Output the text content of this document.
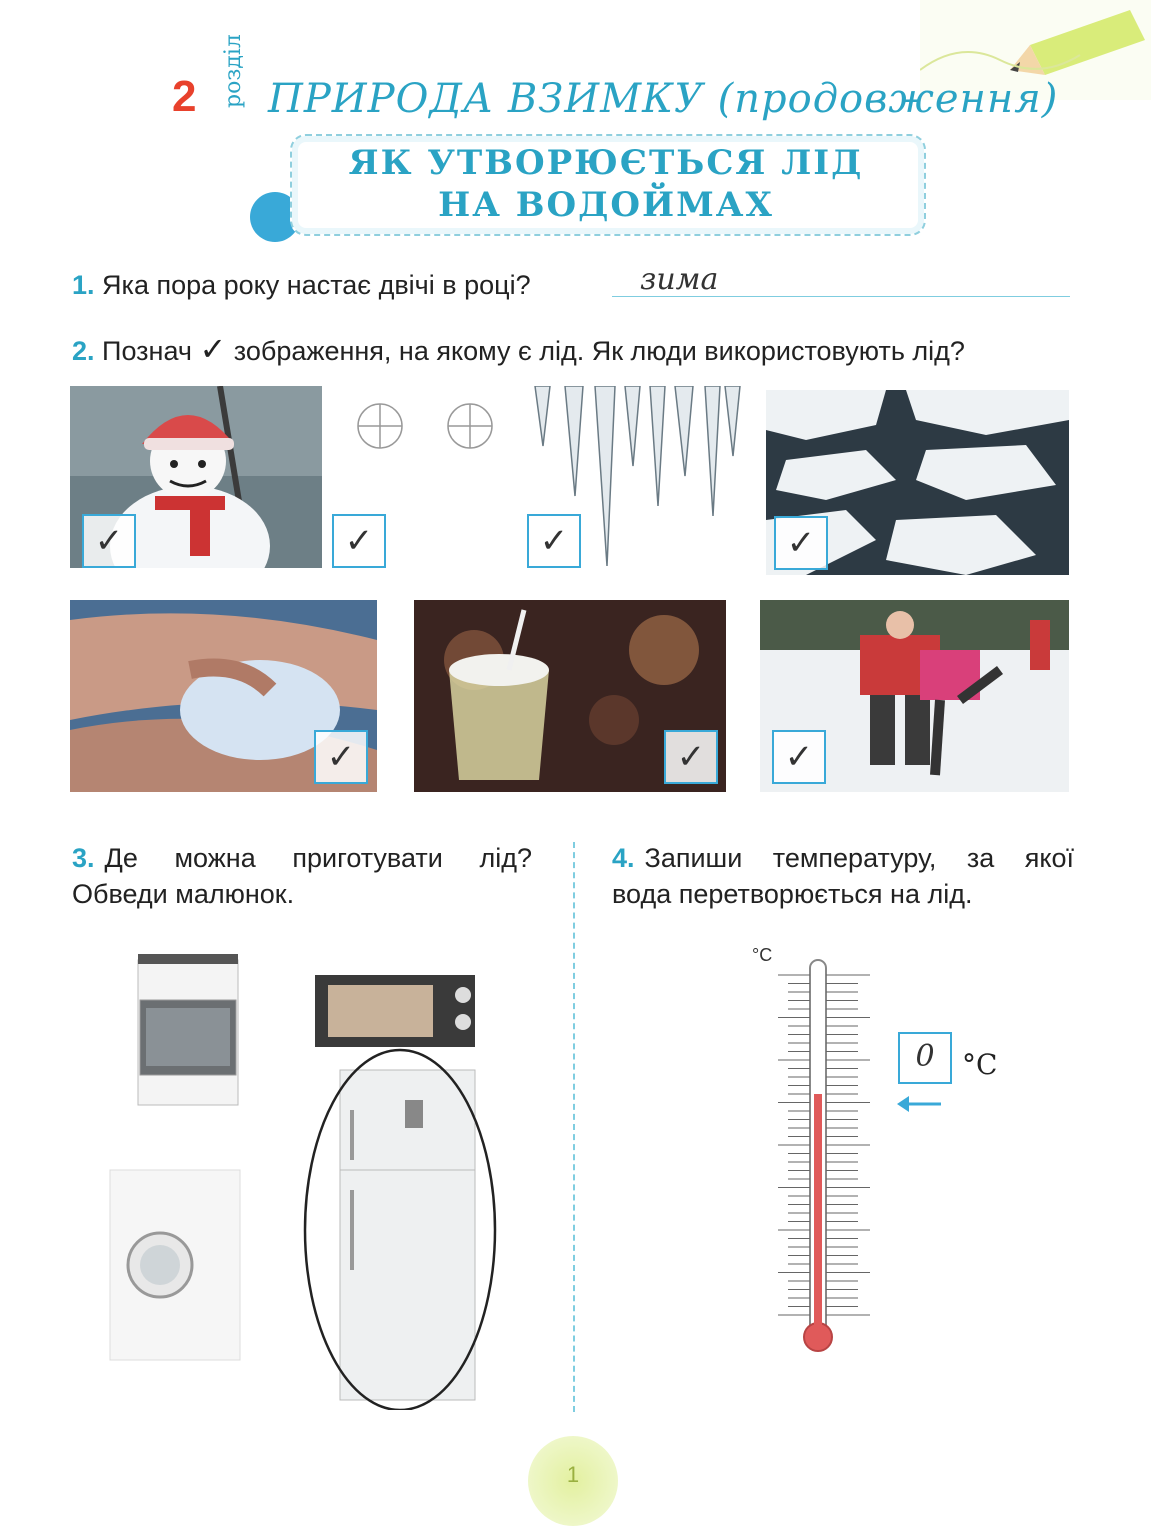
2 розділ ПРИРОДА ВЗИМКУ (продовження)
ЯК УТВОРЮЄТЬСЯ ЛІД
НА ВОДОЙМАХ
1. Яка пора року настає двічі в році?	зима
2. Познач ✓ зображення, на якому є лід. Як люди використовують лід?
✓	✓	✓	✓
✓	✓	✓
3. Де можна приготувати лід?
Обведи малюнок.
4. Запиши температуру, за якої
вода перетворюється на лід.
°C
0 °C
1
